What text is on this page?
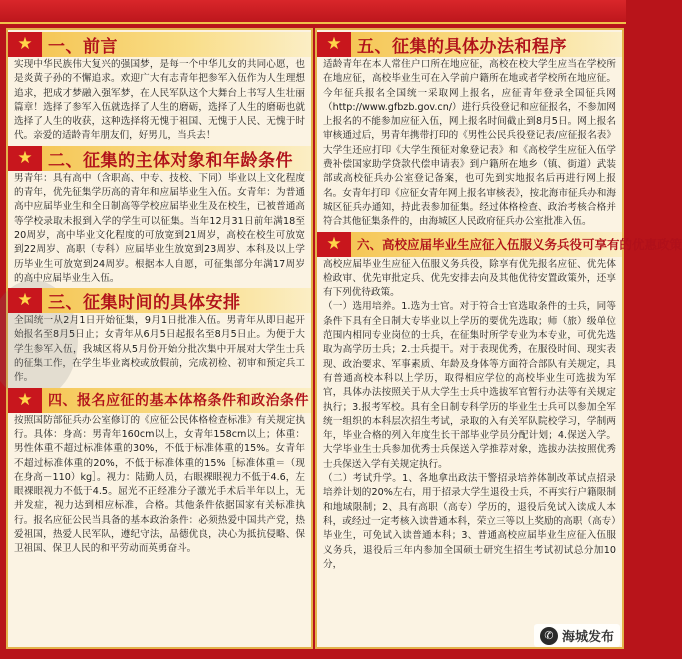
★ 一、前言

实现中华民族伟大复兴的强国梦，是每一个中华儿女的共同心愿，也是炎黄子孙的不懈追求。欢迎广大有志青年把参军入伍作为人生理想追求，把成才梦融入强军梦，在人民军队这个大舞台上书写人生壮丽篇章！选择了参军入伍就选择了人生的磨砺，选择了人生的磨砺也就选择了人生的收获，这种选择将无愧于祖国、无愧于人民、无愧于时代。亲爱的适龄青年朋友们，好男儿，当兵去！

★ 二、征集的主体对象和年龄条件

男青年：具有高中（含职高、中专、技校、下同）毕业以上文化程度的青年，优先征集学历高的青年和应届毕业生入伍。女青年：为普通高中应届毕业生和全日制高等学校应届毕业生及在校生，已被普通高等学校录取未报到入学的学生可以征集。当年12月31日前年满18至20周岁，高中毕业文化程度的可放宽到21周岁，高校在校生可放宽到22周岁、高职（专科）应届毕业生放宽到23周岁、本科及以上学历毕业生可放宽到24周岁。根据本人自愿，可征集部分年满17周岁的高中应届毕业生入伍。

★ 三、征集时间的具体安排

全国统一从2月1日开始征集，9月1日批准入伍。男青年从即日起开始报名至8月5日止；女青年从6月5日起报名至8月5日止。为便于大学生参军入伍，我城区将从5月份开始分批次集中开展对大学生士兵的征集工作，在学生毕业离校或放假前，完成初检、初审和预定兵工作。

★	四、报名应征的基本体格条件和政治条件

按照国防部征兵办公室修订的《应征公民体格检查标准》有关规定执行。具体：身高：男青年160cm以上，女青年158cm以上；体重：男性体重不超过标准体重的30%，不低于标准体重的15%。女青年不超过标准体重的20%，不低于标准体重的15%［标准体重＝（现在身高－110）kg］。视力：陆勤人员，右眼裸眼视力不低于4.6，左眼裸眼视力不低于4.5。屈光不正经准分子激光手术后半年以上，无并发症，视力达到相应标准，合格。其他条件依据国家有关标准执行。报名应征公民当具备的基本政治条件：必须热爱中国共产党，热爱祖国，热爱人民军队，遵纪守法，品德优良，决心为抵抗侵略、保卫祖国、保卫人民的和平劳动而英勇奋斗。

★ 五、征集的具体办法和程序

适龄青年在本人常住户口所在地应征，高校在校大学生应当在学校所在地应征，高校毕业生可在入学前户籍所在地或者学校所在地应征。今年征兵报名全国统一采取网上报名，应征青年登录全国征兵网（http://www.gfbzb.gov.cn/）进行兵役登记和应征报名，不参加网上报名的不能参加应征入伍，网上报名时间截止到8月5日。网上报名审核通过后，男青年携带打印的《男性公民兵役登记表/应征报名表》大学生还应打印《大学生预征对象登记表》和《高校学生应征入伍学费补偿国家助学贷款代偿申请表》到户籍所在地乡（镇、街道）武装部或高校征兵办公室登记备案，也可先到实地报名后再进行网上报名。女青年打印《应征女青年网上报名审核表》，按北海市征兵办和海城区征兵办通知，持此表参加征集。经过体格检查、政治考核合格并符合其他征集条件的，由海城区人民政府征兵办公室批准入伍。

★	六、高校应届毕业生应征入伍服义务兵役可享有的优惠政策

高校应届毕业生应征入伍服义务兵役，除享有优先报名应征、优先体检政审、优先审批定兵、优先安排去向及其他优待安置政策外，还享有下列优待政策。

（一）选用培养。1.选为士官。对于符合士官选取条件的士兵，同等条件下具有全日制大专毕业以上学历的要优先选取；师（旅）级单位范围内相同专业岗位的士兵，在征集时所学专业为本专业，可优先选取为高学历士兵；2.士兵提干。对于表现优秀，在服役时间、现实表现、政治要求、军事素质、年龄及身体等方面符合部队有关规定，具有普通高校本科以上学历，取得相应学位的高校毕业生可选拔为军官，具体办法按照关于从大学生士兵中选拔军官暂行办法等有关规定执行；3.报考军校。具有全日制专科学历的毕业生士兵可以参加全军统一组织的本科层次招生考试，录取的入有关军队院校学习，学制两年，毕业合格的列入年度生长干部毕业学员分配计划；4.保送入学。大学毕业生士兵参加优秀士兵保送入学推荐对象，选拔办法按照优秀士兵保送入学有关规定执行。

（二）考试升学。1、各地拿出政法干警招录培养体制改革试点招录培养计划的20%左右，用于招录大学生退役士兵，不再实行户籍限制和地域限制；2、具有高职（高专）学历的，退役后免试入读成人本科，或经过一定考核入读普通本科，荣立三等以上奖励的高职（高专）毕业生，可免试入读普通本科；3、普通高校应届毕业生应征入伍服义务兵，退役后三年内参加全国硕士研究生招生考试初试总分加10分，

✆ 海城发布
